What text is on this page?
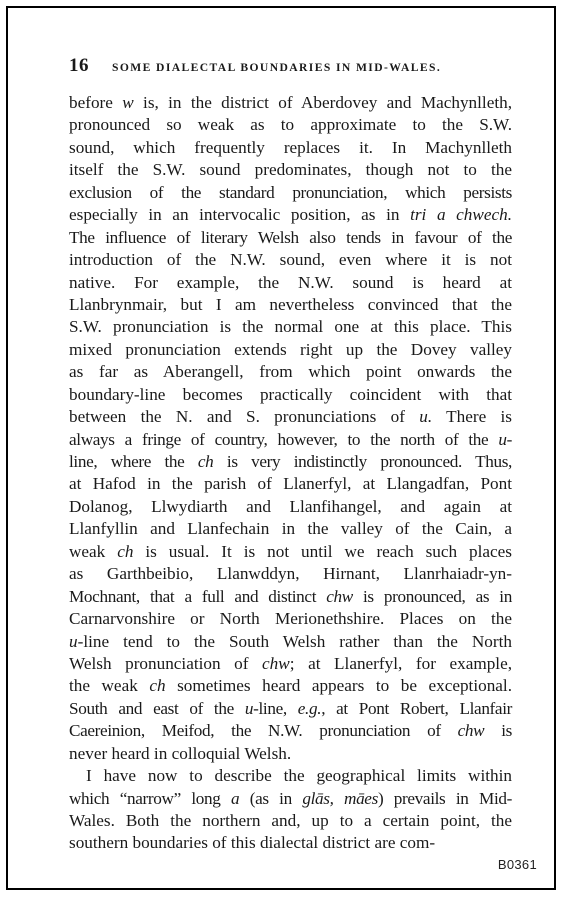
16 SOME DIALECTAL BOUNDARIES IN MID-WALES.
before w is, in the district of Aberdovey and Machynlleth,
pronounced so weak as to approximate to the S.W.
sound, which frequently replaces it. In Machynlleth
itself the S.W. sound predominates, though not to the
exclusion of the standard pronunciation, which persists
especially in an intervocalic position, as in tri a chwech.
The influence of literary Welsh also tends in favour of the
introduction of the N.W. sound, even where it is not
native. For example, the N.W. sound is heard at
Llanbrynmair, but I am nevertheless convinced that the
S.W. pronunciation is the normal one at this place. This
mixed pronunciation extends right up the Dovey valley
as far as Aberangell, from which point onwards the
boundary-line becomes practically coincident with that
between the N. and S. pronunciations of u. There is
always a fringe of country, however, to the north of the u-
line, where the ch is very indistinctly pronounced. Thus,
at Hafod in the parish of Llanerfyl, at Llangadfan, Pont
Dolanog, Llwydiarth and Llanfihangel, and again at
Llanfyllin and Llanfechain in the valley of the Cain, a
weak ch is usual. It is not until we reach such places
as Garthbeibio, Llanwddyn, Hirnant, Llanrhaiadr-yn-
Mochnant, that a full and distinct chw is pronounced, as in
Carnarvonshire or North Merionethshire. Places on the
u-line tend to the South Welsh rather than the North
Welsh pronunciation of chw; at Llanerfyl, for example,
the weak ch sometimes heard appears to be exceptional.
South and east of the u-line, e.g., at Pont Robert, Llanfair
Caereinion, Meifod, the N.W. pronunciation of chw is
never heard in colloquial Welsh.
I have now to describe the geographical limits within
which “narrow” long a (as in glās, māes) prevails in Mid-
Wales. Both the northern and, up to a certain point, the
southern boundaries of this dialectal district are com-
B0361
